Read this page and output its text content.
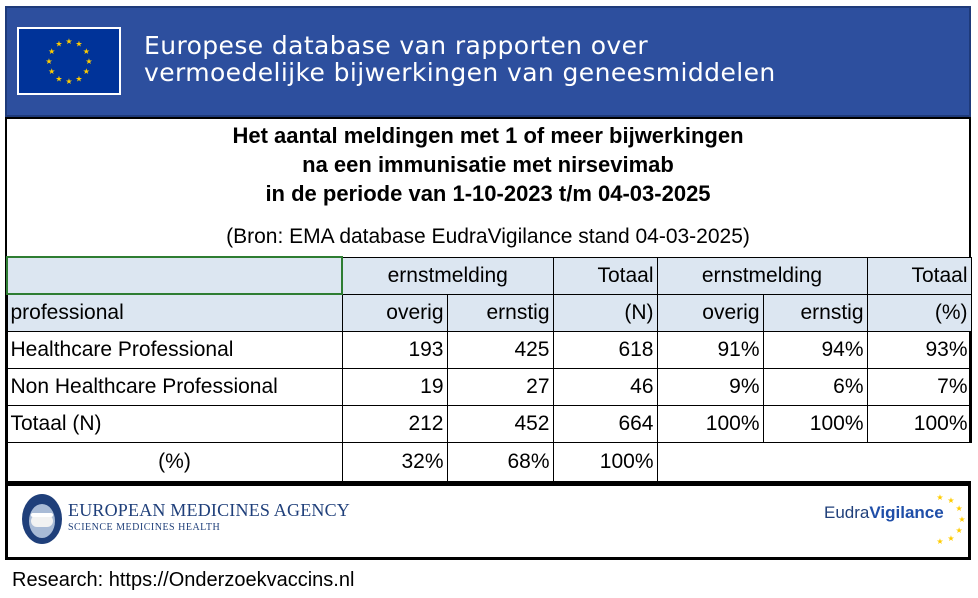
★ ★
★
★
★
★
★
★
★
★
★
★	Europese database van rapporten over
vermoedelijke bijwerkingen van geneesmiddelen
Het aantal meldingen met 1 of meer bijwerkingen
na een immunisatie met nirsevimab
in de periode van 1-10-2023 t/m 04-03-2025
(Bron: EMA database EudraVigilance stand 04-03-2025)
	ernstmelding		Totaal	ernstmelding		Totaal
professional	overig	ernstig	(N)	overig	ernstig	(%)
Healthcare Professional	193	425	618	91%	94%	93%
Non Healthcare Professional	19	27	46	9%	6%	7%
Totaal (N)	212	452	664	100%	100%	100%
(%)	32%	68%	100%			
EUROPEAN MEDICINES AGENCY
SCIENCE MEDICINES HEALTH
EudraVigilance
★ ★
★
★
★
★
★
Research: https://Onderzoekvaccins.nl
